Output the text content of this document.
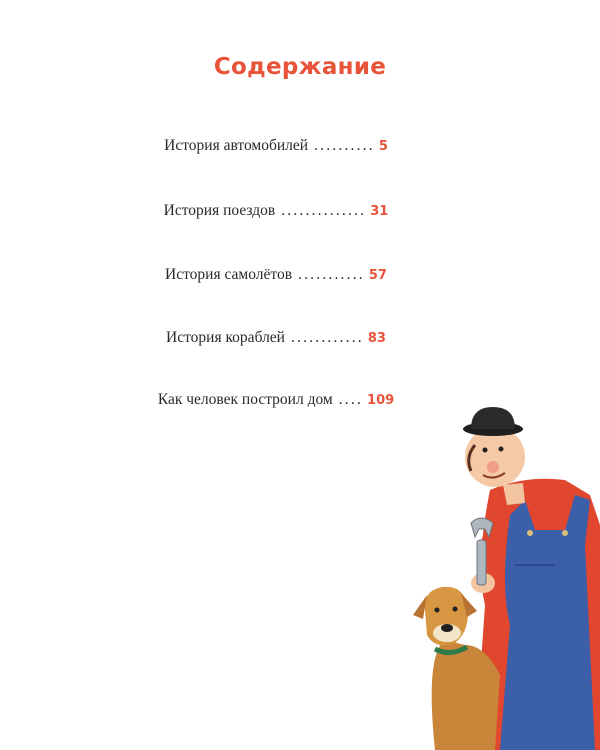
Содержание
История автомобилей .......... 5
История поездов .............. 31
История самолётов ........... 57
История кораблей ............ 83
Как человек построил дом .... 109
